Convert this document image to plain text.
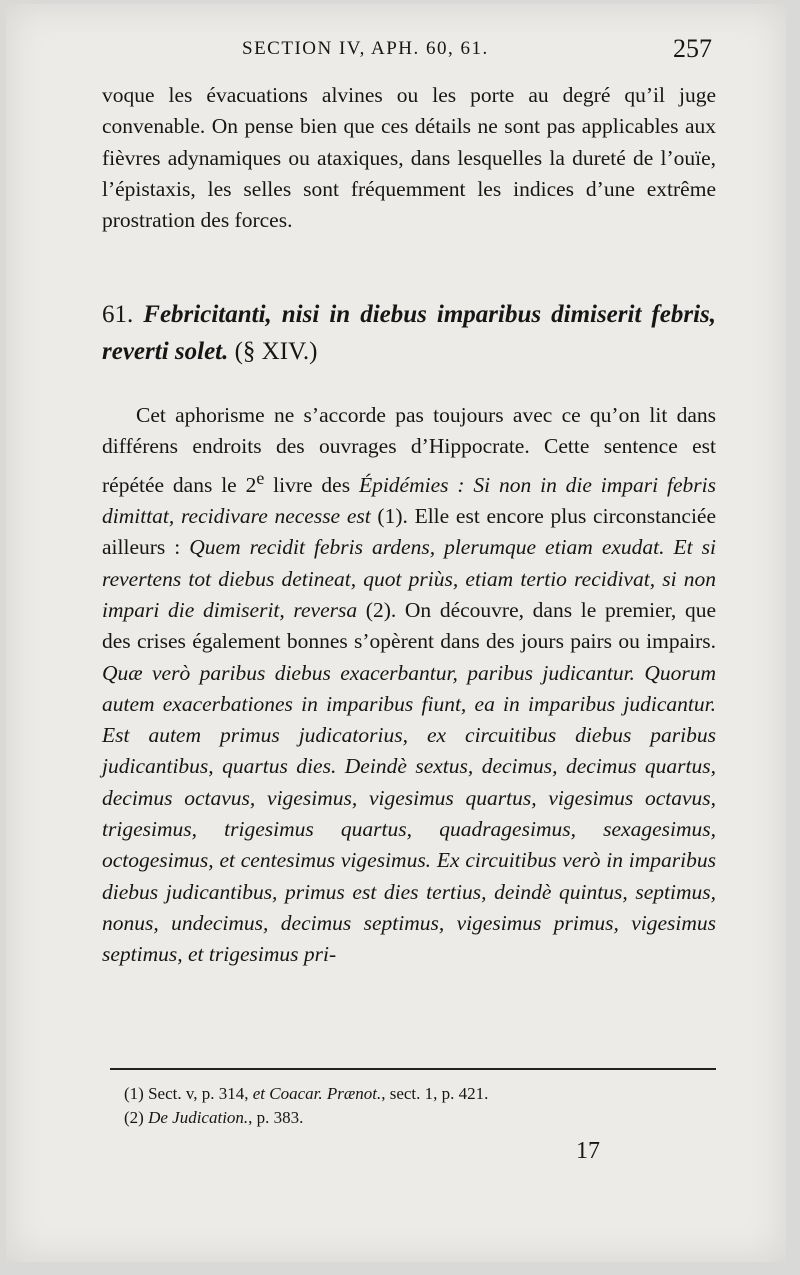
SECTION IV, APH. 60, 61.	257

voque les évacuations alvines ou les porte au degré qu’il juge convenable. On pense bien que ces détails ne sont pas applicables aux fièvres adynamiques ou ataxiques, dans lesquelles la dureté de l’ouïe, l’épistaxis, les selles sont fréquemment les indices d’une extrême prostration des forces.

61. Febricitanti, nisi in diebus imparibus dimiserit febris, reverti solet. (§ XIV.)

Cet aphorisme ne s’accorde pas toujours avec ce qu’on lit dans différens endroits des ouvrages d’Hippocrate. Cette sentence est répétée dans le 2e livre des Épidémies : Si non in die impari febris dimittat, recidivare necesse est (1). Elle est encore plus circonstanciée ailleurs : Quem recidit febris ardens, plerumque etiam exudat. Et si revertens tot diebus detineat, quot priùs, etiam tertio recidivat, si non impari die dimiserit, reversa (2). On découvre, dans le premier, que des crises également bonnes s’opèrent dans des jours pairs ou impairs. Quæ verò paribus diebus exacerbantur, paribus judicantur. Quorum autem exacerbationes in imparibus fiunt, ea in imparibus judicantur. Est autem primus judicatorius, ex circuitibus diebus paribus judicantibus, quartus dies. Deindè sextus, decimus, decimus quartus, decimus octavus, vigesimus, vigesimus quartus, vigesimus octavus, trigesimus, trigesimus quartus, quadragesimus, sexagesimus, octogesimus, et centesimus vigesimus. Ex circuitibus verò in imparibus diebus judicantibus, primus est dies tertius, deindè quintus, septimus, nonus, undecimus, decimus septimus, vigesimus primus, vigesimus septimus, et trigesimus pri-

(1) Sect. v, p. 314, et Coacar. Prænot., sect. 1, p. 421.

(2) De Judication., p. 383.

17
